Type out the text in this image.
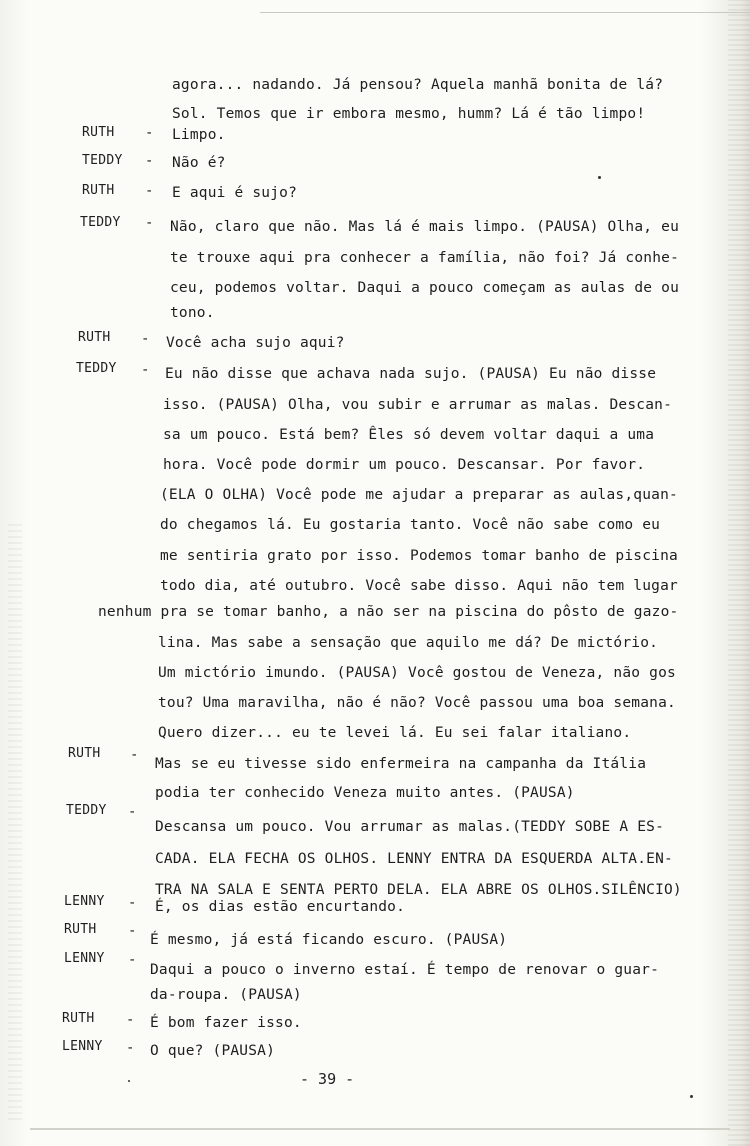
agora... nadando. Já pensou? Aquela manhã bonita de lá?
Sol. Temos que ir embora mesmo, humm? Lá é tão limpo!
Limpo.
Não é?
E aqui é sujo?
Não, claro que não. Mas lá é mais limpo. (PAUSA) Olha, eu
te trouxe aqui pra conhecer a família, não foi? Já conhe-
ceu, podemos voltar. Daqui a pouco começam as aulas de ou
tono.
Você acha sujo aqui?
Eu não disse que achava nada sujo. (PAUSA) Eu não disse
isso. (PAUSA) Olha, vou subir e arrumar as malas. Descan-
sa um pouco. Está bem? Êles só devem voltar daqui a uma
hora. Você pode dormir um pouco. Descansar. Por favor.
(ELA O OLHA) Você pode me ajudar a preparar as aulas,quan-
do chegamos lá. Eu gostaria tanto. Você não sabe como eu
me sentiria grato por isso. Podemos tomar banho de piscina
todo dia, até outubro. Você sabe disso. Aqui não tem lugar
nenhum pra se tomar banho, a não ser na piscina do pôsto de gazo-
lina. Mas sabe a sensação que aquilo me dá? De mictório.
Um mictório imundo. (PAUSA) Você gostou de Veneza, não gos
tou? Uma maravilha, não é não? Você passou uma boa semana.
Quero dizer... eu te levei lá. Eu sei falar italiano.
Mas se eu tivesse sido enfermeira na campanha da Itália
podia ter conhecido Veneza muito antes. (PAUSA)
Descansa um pouco. Vou arrumar as malas.(TEDDY SOBE A ES-
CADA. ELA FECHA OS OLHOS. LENNY ENTRA DA ESQUERDA ALTA.EN-
TRA NA SALA E SENTA PERTO DELA. ELA ABRE OS OLHOS.SILÊNCIO)
É, os dias estão encurtando.
É mesmo, já está ficando escuro. (PAUSA)
Daqui a pouco o inverno estaí. É tempo de renovar o guar-
da-roupa. (PAUSA)
É bom fazer isso.
O que? (PAUSA)
RUTH
TEDDY
RUTH
TEDDY
RUTH
TEDDY
RUTH
TEDDY
LENNY
RUTH
LENNY
RUTH
LENNY
-
-
-
-
-
-
-
-
-
-
-
-
-
- 39 -
